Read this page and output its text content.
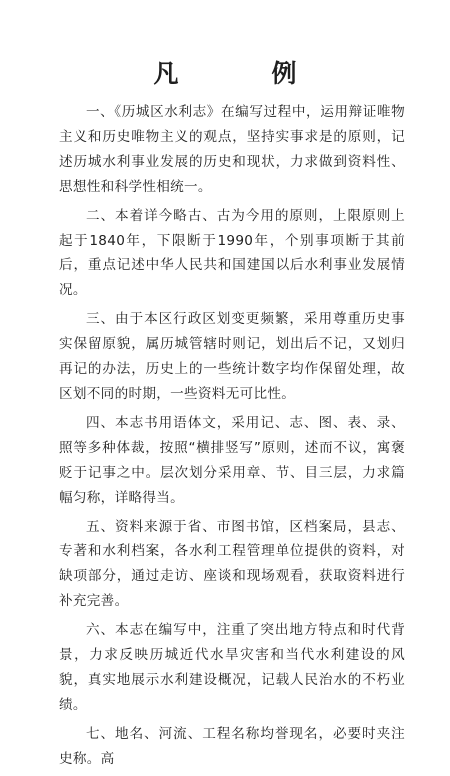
凡　例

一、《历城区水利志》在编写过程中，运用辩证唯物主义和历史唯物主义的观点，坚持实事求是的原则，记述历城水利事业发展的历史和现状，力求做到资料性、思想性和科学性相统一。

二、本着详今略古、古为今用的原则，上限原则上起于1840年，下限断于1990年，个别事项断于其前后，重点记述中华人民共和国建国以后水利事业发展情况。

三、由于本区行政区划变更频繁，采用尊重历史事实保留原貌，属历城管辖时则记，划出后不记，又划归再记的办法，历史上的一些统计数字均作保留处理，故区划不同的时期，一些资料无可比性。

四、本志书用语体文，采用记、志、图、表、录、照等多种体裁，按照“横排竖写”原则，述而不议，寓褒贬于记事之中。层次划分采用章、节、目三层，力求篇幅匀称，详略得当。

五、资料来源于省、市图书馆，区档案局，县志、专著和水利档案，各水利工程管理单位提供的资料，对缺项部分，通过走访、座谈和现场观看，获取资料进行补充完善。

六、本志在编写中，注重了突出地方特点和时代背景，力求反映历城近代水旱灾害和当代水利建设的风貌，真实地展示水利建设概况，记载人民治水的不朽业绩。

七、地名、河流、工程名称均誉现名，必要时夹注史称。高
